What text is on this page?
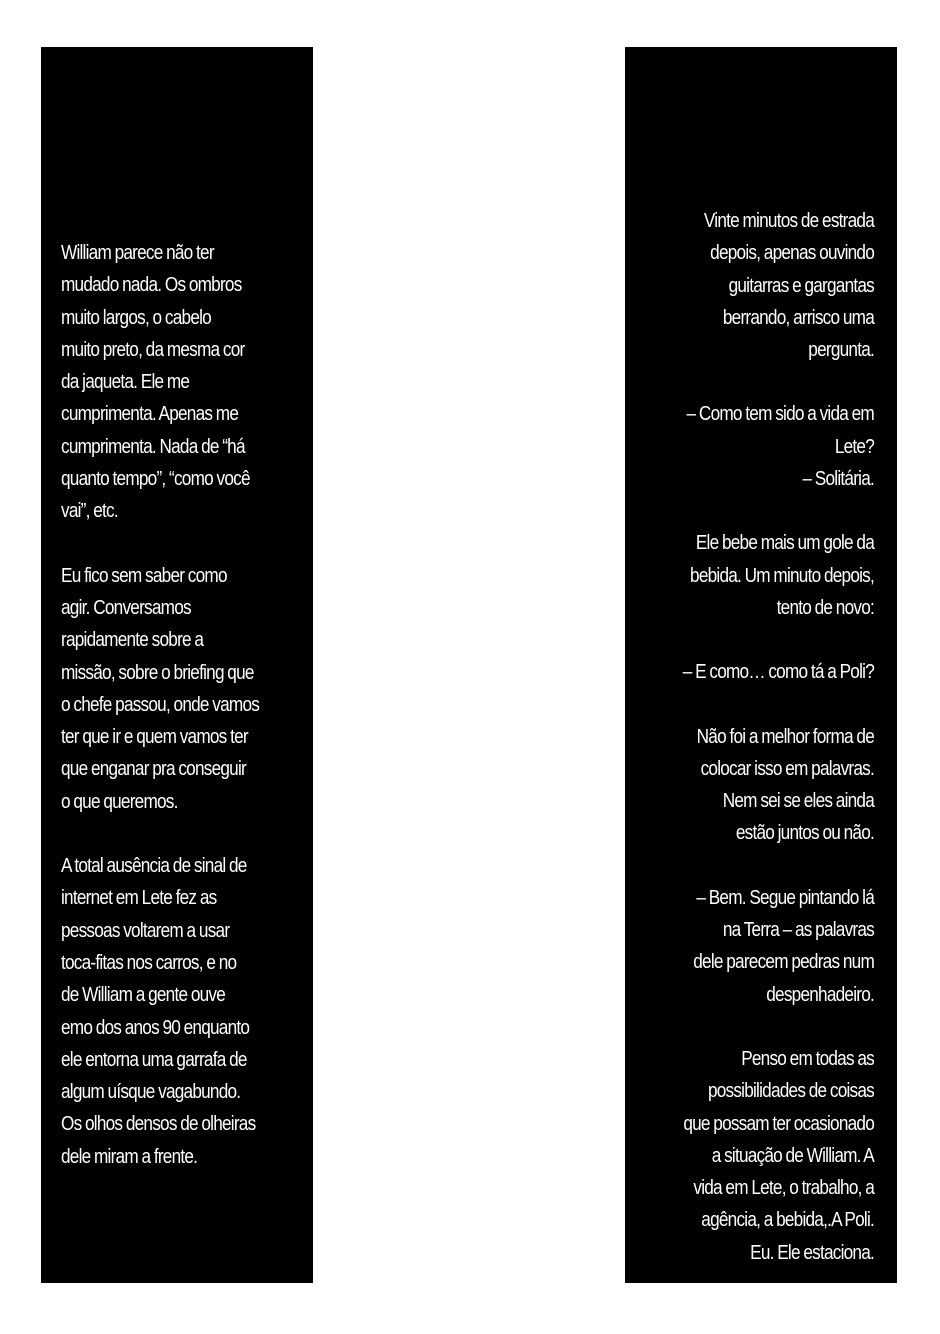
William parece não ter
mudado nada. Os ombros
muito largos, o cabelo
muito preto, da mesma cor
da jaqueta. Ele me
cumprimenta. Apenas me
cumprimenta. Nada de “há
quanto tempo”, “como você
vai”, etc.

Eu fico sem saber como
agir. Conversamos
rapidamente sobre a
missão, sobre o briefing que
o chefe passou, onde vamos
ter que ir e quem vamos ter
que enganar pra conseguir
o que queremos.

A total ausência de sinal de
internet em Lete fez as
pessoas voltarem a usar
toca-fitas nos carros, e no
de William a gente ouve
emo dos anos 90 enquanto
ele entorna uma garrafa de
algum uísque vagabundo.
Os olhos densos de olheiras
dele miram a frente.

Vinte minutos de estrada
depois, apenas ouvindo
guitarras e gargantas
berrando, arrisco uma
pergunta.

– Como tem sido a vida em
Lete?
– Solitária.

Ele bebe mais um gole da
bebida. Um minuto depois,
tento de novo:

– E como… como tá a Poli?

Não foi a melhor forma de
colocar isso em palavras.
Nem sei se eles ainda
estão juntos ou não.

– Bem. Segue pintando lá
na Terra – as palavras
dele parecem pedras num
despenhadeiro.

Penso em todas as
possibilidades de coisas
que possam ter ocasionado
a situação de William. A
vida em Lete, o trabalho, a
agência, a bebida,.A Poli.
Eu. Ele estaciona.
